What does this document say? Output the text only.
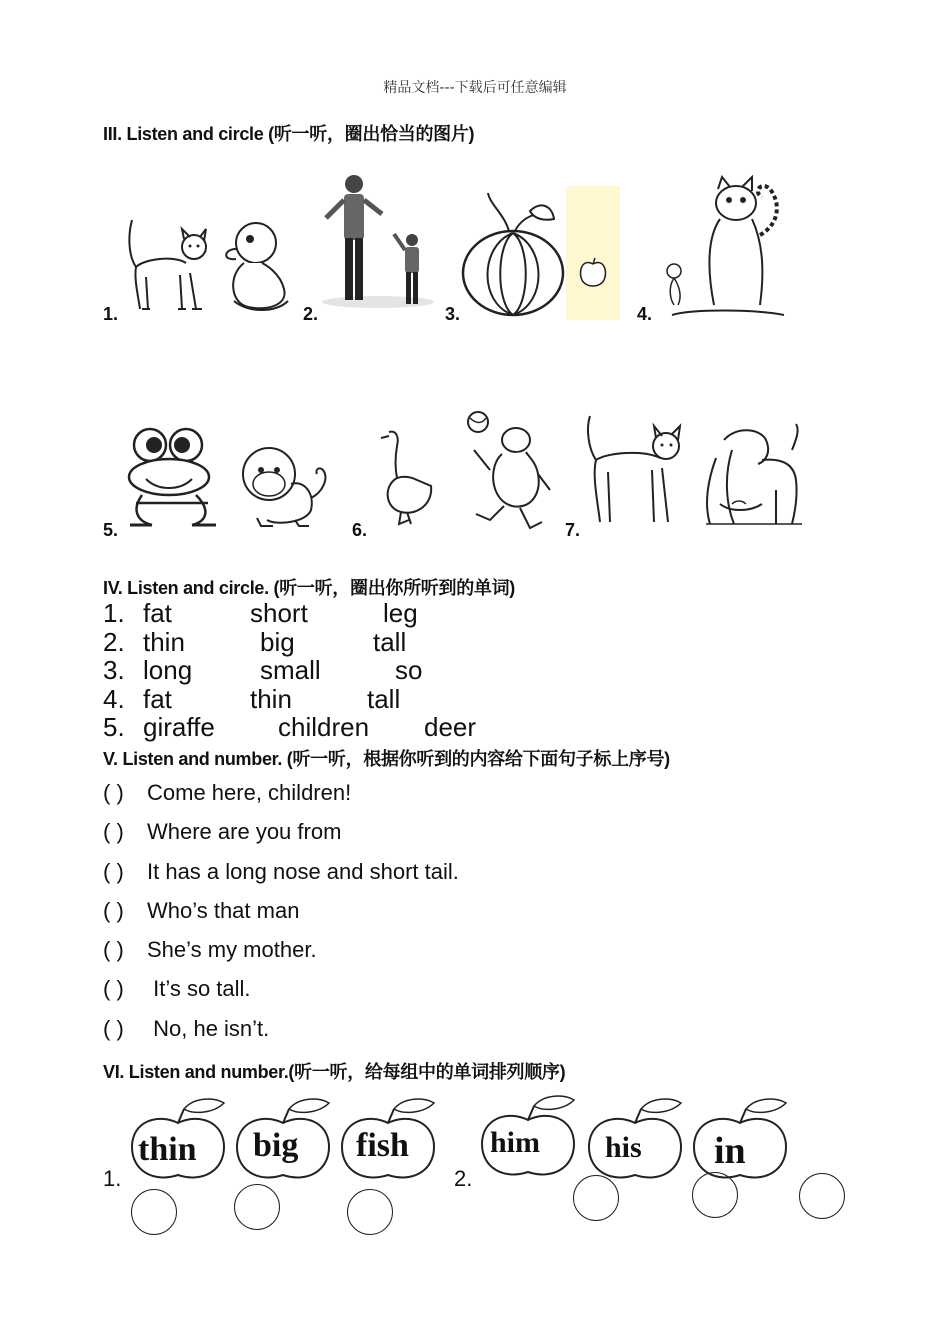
精品文档---下载后可任意编辑
III. Listen and circle (听一听，圈出恰当的图片)
1.	2.	3.	4.
5.	6.	7.
IV. Listen and circle. (听一听，圈出你所听到的单词)
1. fat	short	leg
2. thin	big	tall
3. long	small	so
4. fat	thin	tall
5. giraffe children deer
V. Listen and number. (听一听，根据你听到的内容给下面句子标上序号)
( ) Come here, children!
( ) Where are you from
( ) It has a long nose and short tail.
( ) Who’s that man
( ) She’s my mother.
( ) It’s so tall.
( ) No, he isn’t.
VI. Listen and number.(听一听，给每组中的单词排列顺序)
1.	2.
thin big fish	him his in
